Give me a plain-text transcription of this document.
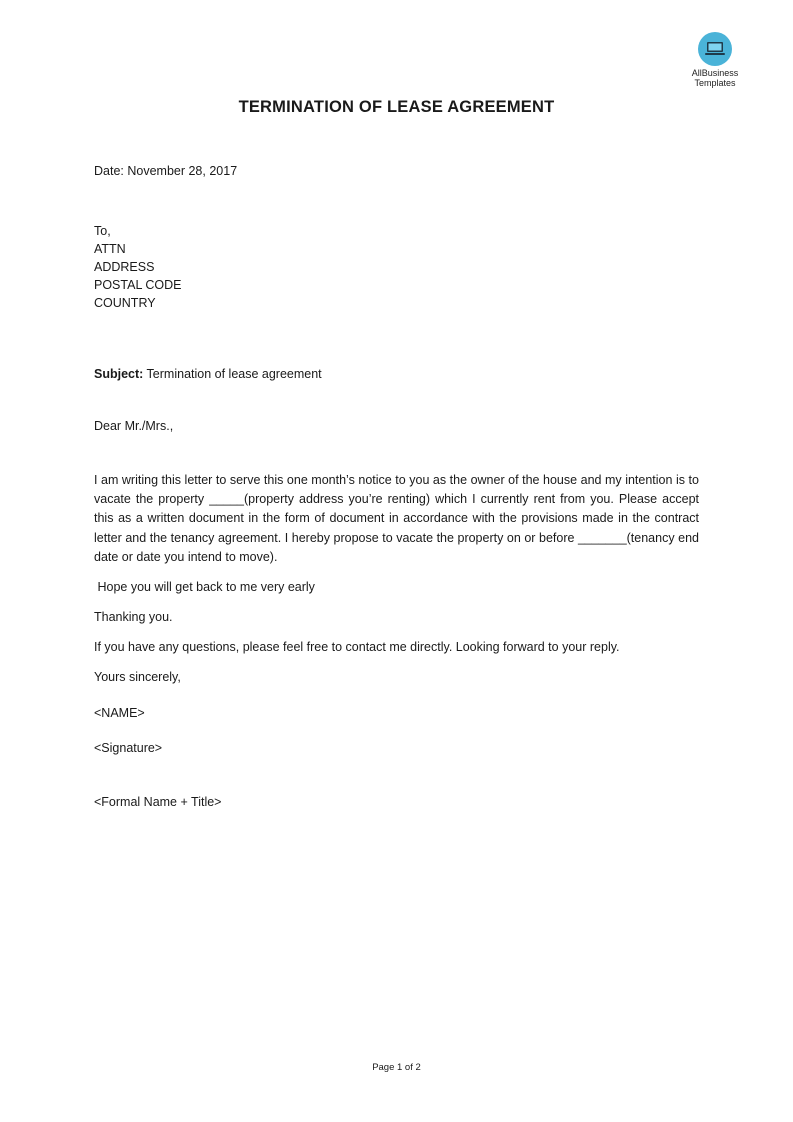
AllBusiness
Templates
TERMINATION OF LEASE AGREEMENT
Date: November 28, 2017
To,
ATTN
ADDRESS
POSTAL CODE
COUNTRY
Subject: Termination of lease agreement
Dear Mr./Mrs.,

I am writing this letter to serve this one month’s notice to you as the owner of the house and my intention is to vacate the property _____(property address you’re renting) which I currently rent from you. Please accept this as a written document in the form of document in accordance with the provisions made in the contract letter and the tenancy agreement. I hereby propose to vacate the property on or before _______(tenancy end date or date you intend to move).

Hope you will get back to me very early
Thanking you.
If you have any questions, please feel free to contact me directly. Looking forward to your reply.
Yours sincerely,
<NAME>
<Signature>
<Formal Name + Title>
Page 1 of 2
